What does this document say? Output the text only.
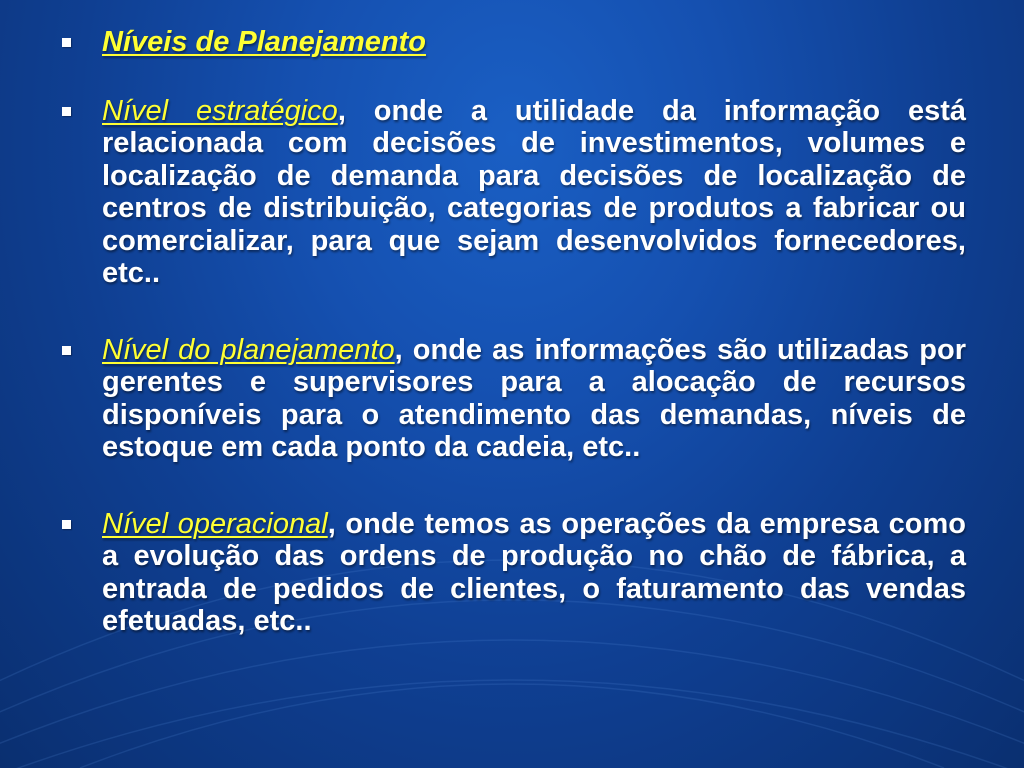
Níveis de Planejamento

Nível estratégico, onde a utilidade da informação está relacionada com decisões de investimentos, volumes e localização de demanda para decisões de localização de centros de distribuição, categorias de produtos a fabricar ou comercializar, para que sejam desenvolvidos fornecedores, etc..

Nível do planejamento, onde as informações são utilizadas por gerentes e supervisores para a alocação de recursos disponíveis para o atendimento das demandas, níveis de estoque em cada ponto da cadeia, etc..

Nível operacional, onde temos as operações da empresa como a evolução das ordens de produção no chão de fábrica, a entrada de pedidos de clientes, o faturamento das vendas efetuadas, etc..
